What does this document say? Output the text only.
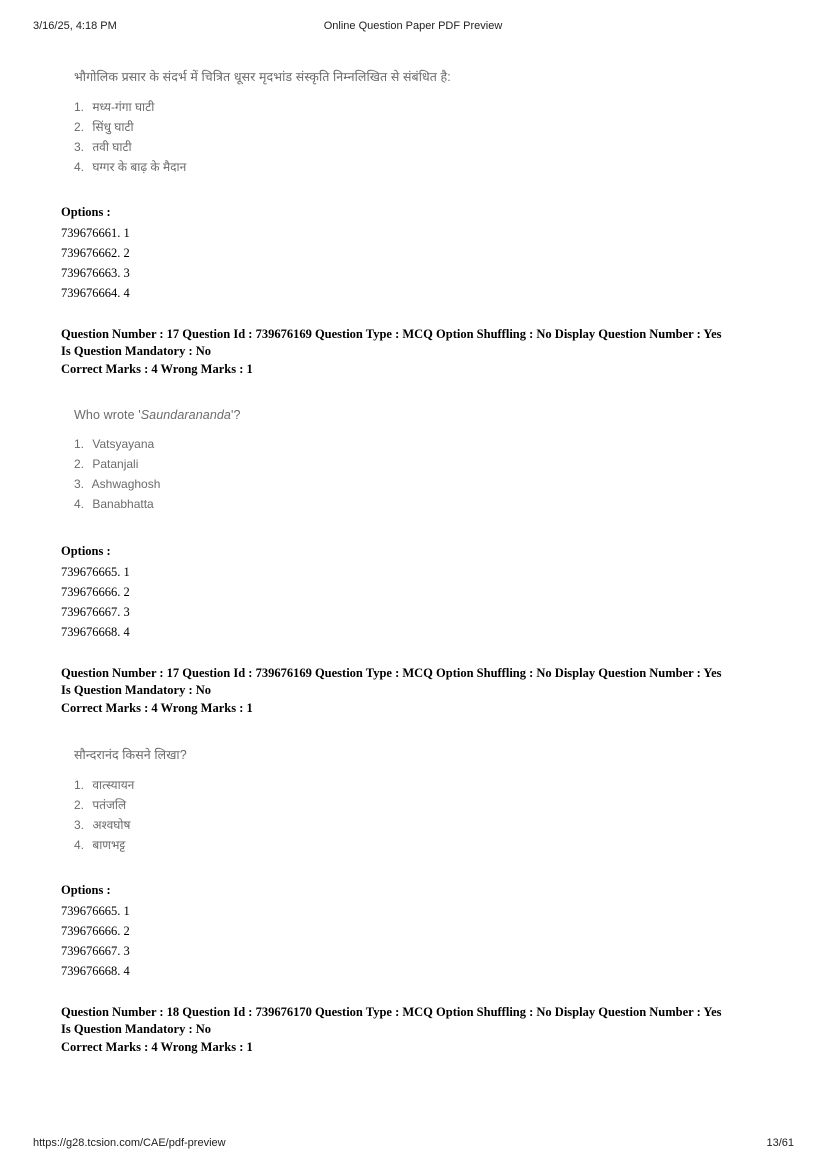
3/16/25, 4:18 PM	Online Question Paper PDF Preview
भौगोलिक प्रसार के संदर्भ में चित्रित धूसर मृदभांड संस्कृति निम्नलिखित से संबंधित है:
1. मध्य-गंगा घाटी
2. सिंधु घाटी
3. तवी घाटी
4. घग्गर के बाढ़ के मैदान
Options :
739676661. 1
739676662. 2
739676663. 3
739676664. 4
Question Number : 17 Question Id : 739676169 Question Type : MCQ Option Shuffling : No Display Question Number : Yes
Is Question Mandatory : No
Correct Marks : 4 Wrong Marks : 1
Who wrote 'Saundarananda'?
1. Vatsyayana
2. Patanjali
3. Ashwaghosh
4. Banabhatta
Options :
739676665. 1
739676666. 2
739676667. 3
739676668. 4
Question Number : 17 Question Id : 739676169 Question Type : MCQ Option Shuffling : No Display Question Number : Yes
Is Question Mandatory : No
Correct Marks : 4 Wrong Marks : 1
सौन्दरानंद किसने लिखा?
1. वात्स्यायन
2. पतंजलि
3. अश्वघोष
4. बाणभट्ट
Options :
739676665. 1
739676666. 2
739676667. 3
739676668. 4
Question Number : 18 Question Id : 739676170 Question Type : MCQ Option Shuffling : No Display Question Number : Yes
Is Question Mandatory : No
Correct Marks : 4 Wrong Marks : 1
https://g28.tcsion.com/CAE/pdf-preview	13/61
